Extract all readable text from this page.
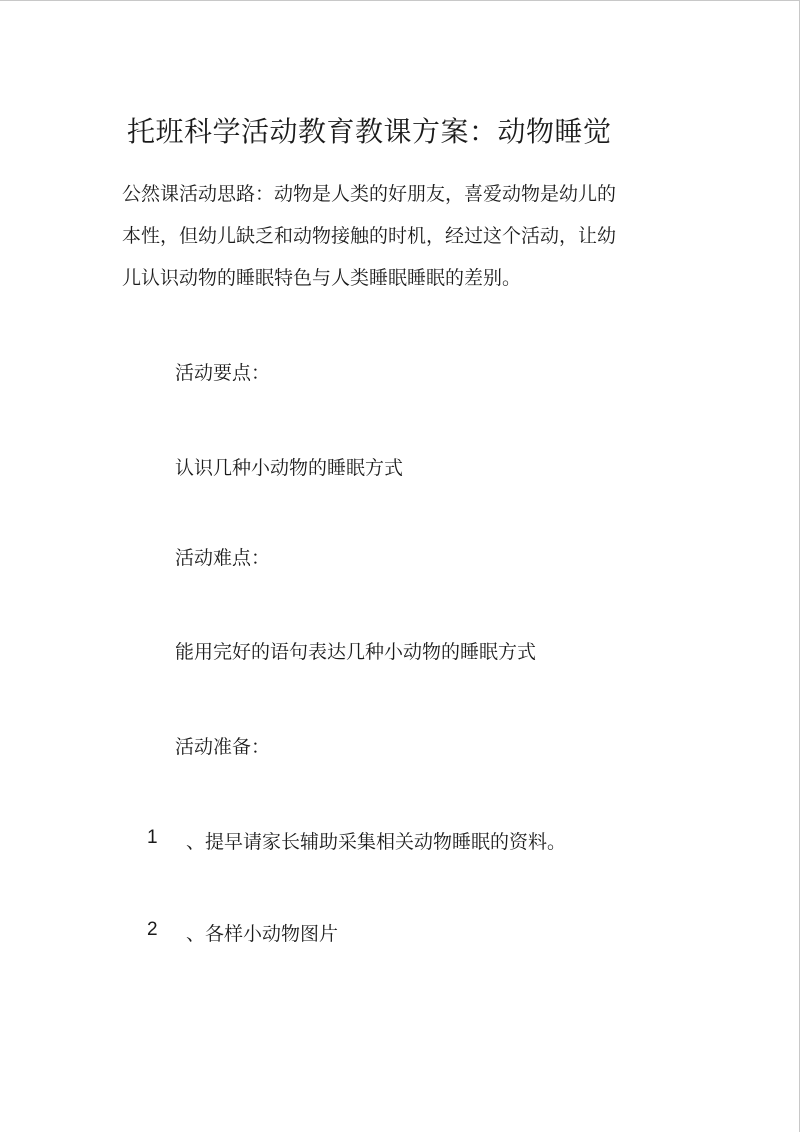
托班科学活动教育教课方案：动物睡觉

公然课活动思路：动物是人类的好朋友，喜爱动物是幼儿的
本性，但幼儿缺乏和动物接触的时机，经过这个活动，让幼
儿认识动物的睡眠特色与人类睡眠睡眠的差别。

活动要点：

认识几种小动物的睡眠方式

活动难点：

能用完好的语句表达几种小动物的睡眠方式

活动准备：

1 、提早请家长辅助采集相关动物睡眠的资料。
2 、各样小动物图片
